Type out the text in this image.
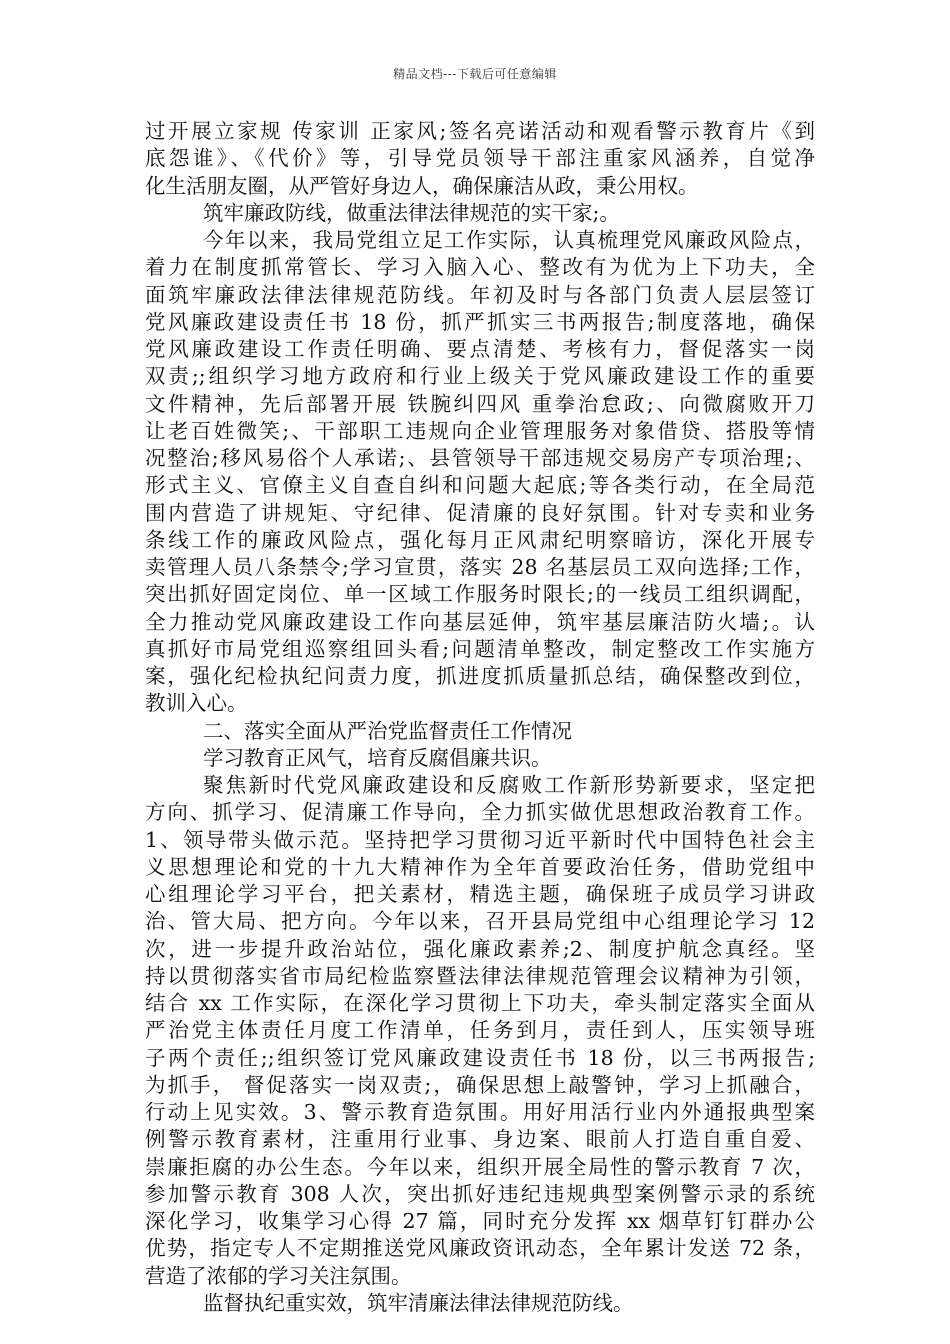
精品文档---下载后可任意编辑
过开展立家规 传家训 正家风;签名亮诺活动和观看警示教育片《到
底怨谁》、《代价》等，引导党员领导干部注重家风涵养，自觉净
化生活朋友圈，从严管好身边人，确保廉洁从政，秉公用权。
筑牢廉政防线，做重法律法律规范的实干家;。
今年以来，我局党组立足工作实际，认真梳理党风廉政风险点，
着力在制度抓常管长、学习入脑入心、整改有为优为上下功夫，全
面筑牢廉政法律法律规范防线。年初及时与各部门负责人层层签订
党风廉政建设责任书 18 份，抓严抓实三书两报告;制度落地，确保
党风廉政建设工作责任明确、要点清楚、考核有力，督促落实一岗
双责;;组织学习地方政府和行业上级关于党风廉政建设工作的重要
文件精神，先后部署开展 铁腕纠四风 重拳治怠政;、向微腐败开刀
让老百姓微笑;、干部职工违规向企业管理服务对象借贷、搭股等情
况整治;移风易俗个人承诺;、县管领导干部违规交易房产专项治理;、
形式主义、官僚主义自查自纠和问题大起底;等各类行动，在全局范
围内营造了讲规矩、守纪律、促清廉的良好氛围。针对专卖和业务
条线工作的廉政风险点，强化每月正风肃纪明察暗访，深化开展专
卖管理人员八条禁令;学习宣贯，落实 28 名基层员工双向选择;工作，
突出抓好固定岗位、单一区域工作服务时限长;的一线员工组织调配，
全力推动党风廉政建设工作向基层延伸，筑牢基层廉洁防火墙;。认
真抓好市局党组巡察组回头看;问题清单整改，制定整改工作实施方
案，强化纪检执纪问责力度，抓进度抓质量抓总结，确保整改到位，
教训入心。
二、落实全面从严治党监督责任工作情况
学习教育正风气，培育反腐倡廉共识。
聚焦新时代党风廉政建设和反腐败工作新形势新要求，坚定把
方向、抓学习、促清廉工作导向，全力抓实做优思想政治教育工作。
1、领导带头做示范。坚持把学习贯彻习近平新时代中国特色社会主
义思想理论和党的十九大精神作为全年首要政治任务，借助党组中
心组理论学习平台，把关素材，精选主题，确保班子成员学习讲政
治、管大局、把方向。今年以来，召开县局党组中心组理论学习 12
次，进一步提升政治站位，强化廉政素养;2、制度护航念真经。坚
持以贯彻落实省市局纪检监察暨法律法律规范管理会议精神为引领，
结合 xx 工作实际，在深化学习贯彻上下功夫，牵头制定落实全面从
严治党主体责任月度工作清单，任务到月，责任到人，压实领导班
子两个责任;;组织签订党风廉政建设责任书 18 份，以三书两报告;
为抓手， 督促落实一岗双责;，确保思想上敲警钟，学习上抓融合，
行动上见实效。3、警示教育造氛围。用好用活行业内外通报典型案
例警示教育素材，注重用行业事、身边案、眼前人打造自重自爱、
崇廉拒腐的办公生态。今年以来，组织开展全局性的警示教育 7 次，
参加警示教育 308 人次，突出抓好违纪违规典型案例警示录的系统
深化学习，收集学习心得 27 篇，同时充分发挥 xx 烟草钉钉群办公
优势，指定专人不定期推送党风廉政资讯动态，全年累计发送 72 条，
营造了浓郁的学习关注氛围。
监督执纪重实效，筑牢清廉法律法律规范防线。
